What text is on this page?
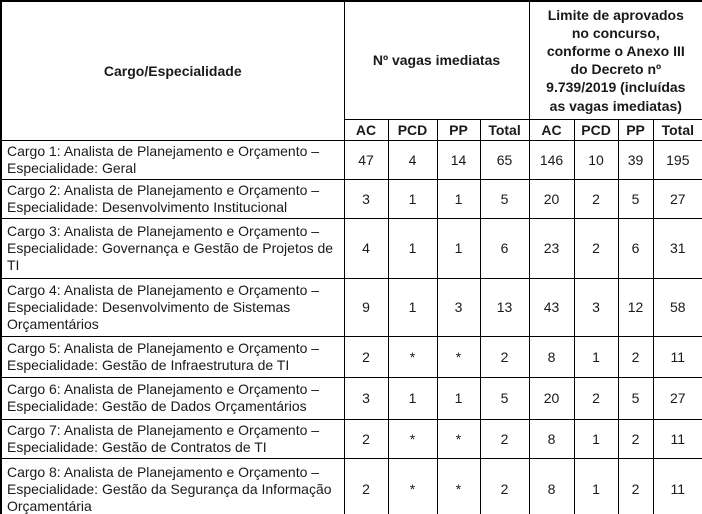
Cargo/Especialidade	Nº vagas imediatas				Limite de aprovados no concurso, conforme o Anexo III do Decreto nº 9.739/2019 (incluídas as vagas imediatas)			
	AC	PCD	PP	Total	AC	PCD	PP	Total
Cargo 1: Analista de Planejamento e Orçamento – Especialidade: Geral	47	4	14	65	146	10	39	195
Cargo 2: Analista de Planejamento e Orçamento – Especialidade: Desenvolvimento Institucional	3	1	1	5	20	2	5	27
Cargo 3: Analista de Planejamento e Orçamento – Especialidade: Governança e Gestão de Projetos de TI	4	1	1	6	23	2	6	31
Cargo 4: Analista de Planejamento e Orçamento – Especialidade: Desenvolvimento de Sistemas Orçamentários	9	1	3	13	43	3	12	58
Cargo 5: Analista de Planejamento e Orçamento – Especialidade: Gestão de Infraestrutura de TI	2	*	*	2	8	1	2	11
Cargo 6: Analista de Planejamento e Orçamento – Especialidade: Gestão de Dados Orçamentários	3	1	1	5	20	2	5	27
Cargo 7: Analista de Planejamento e Orçamento – Especialidade: Gestão de Contratos de TI	2	*	*	2	8	1	2	11
Cargo 8: Analista de Planejamento e Orçamento – Especialidade: Gestão da Segurança da Informação Orçamentária	2	*	*	2	8	1	2	11
